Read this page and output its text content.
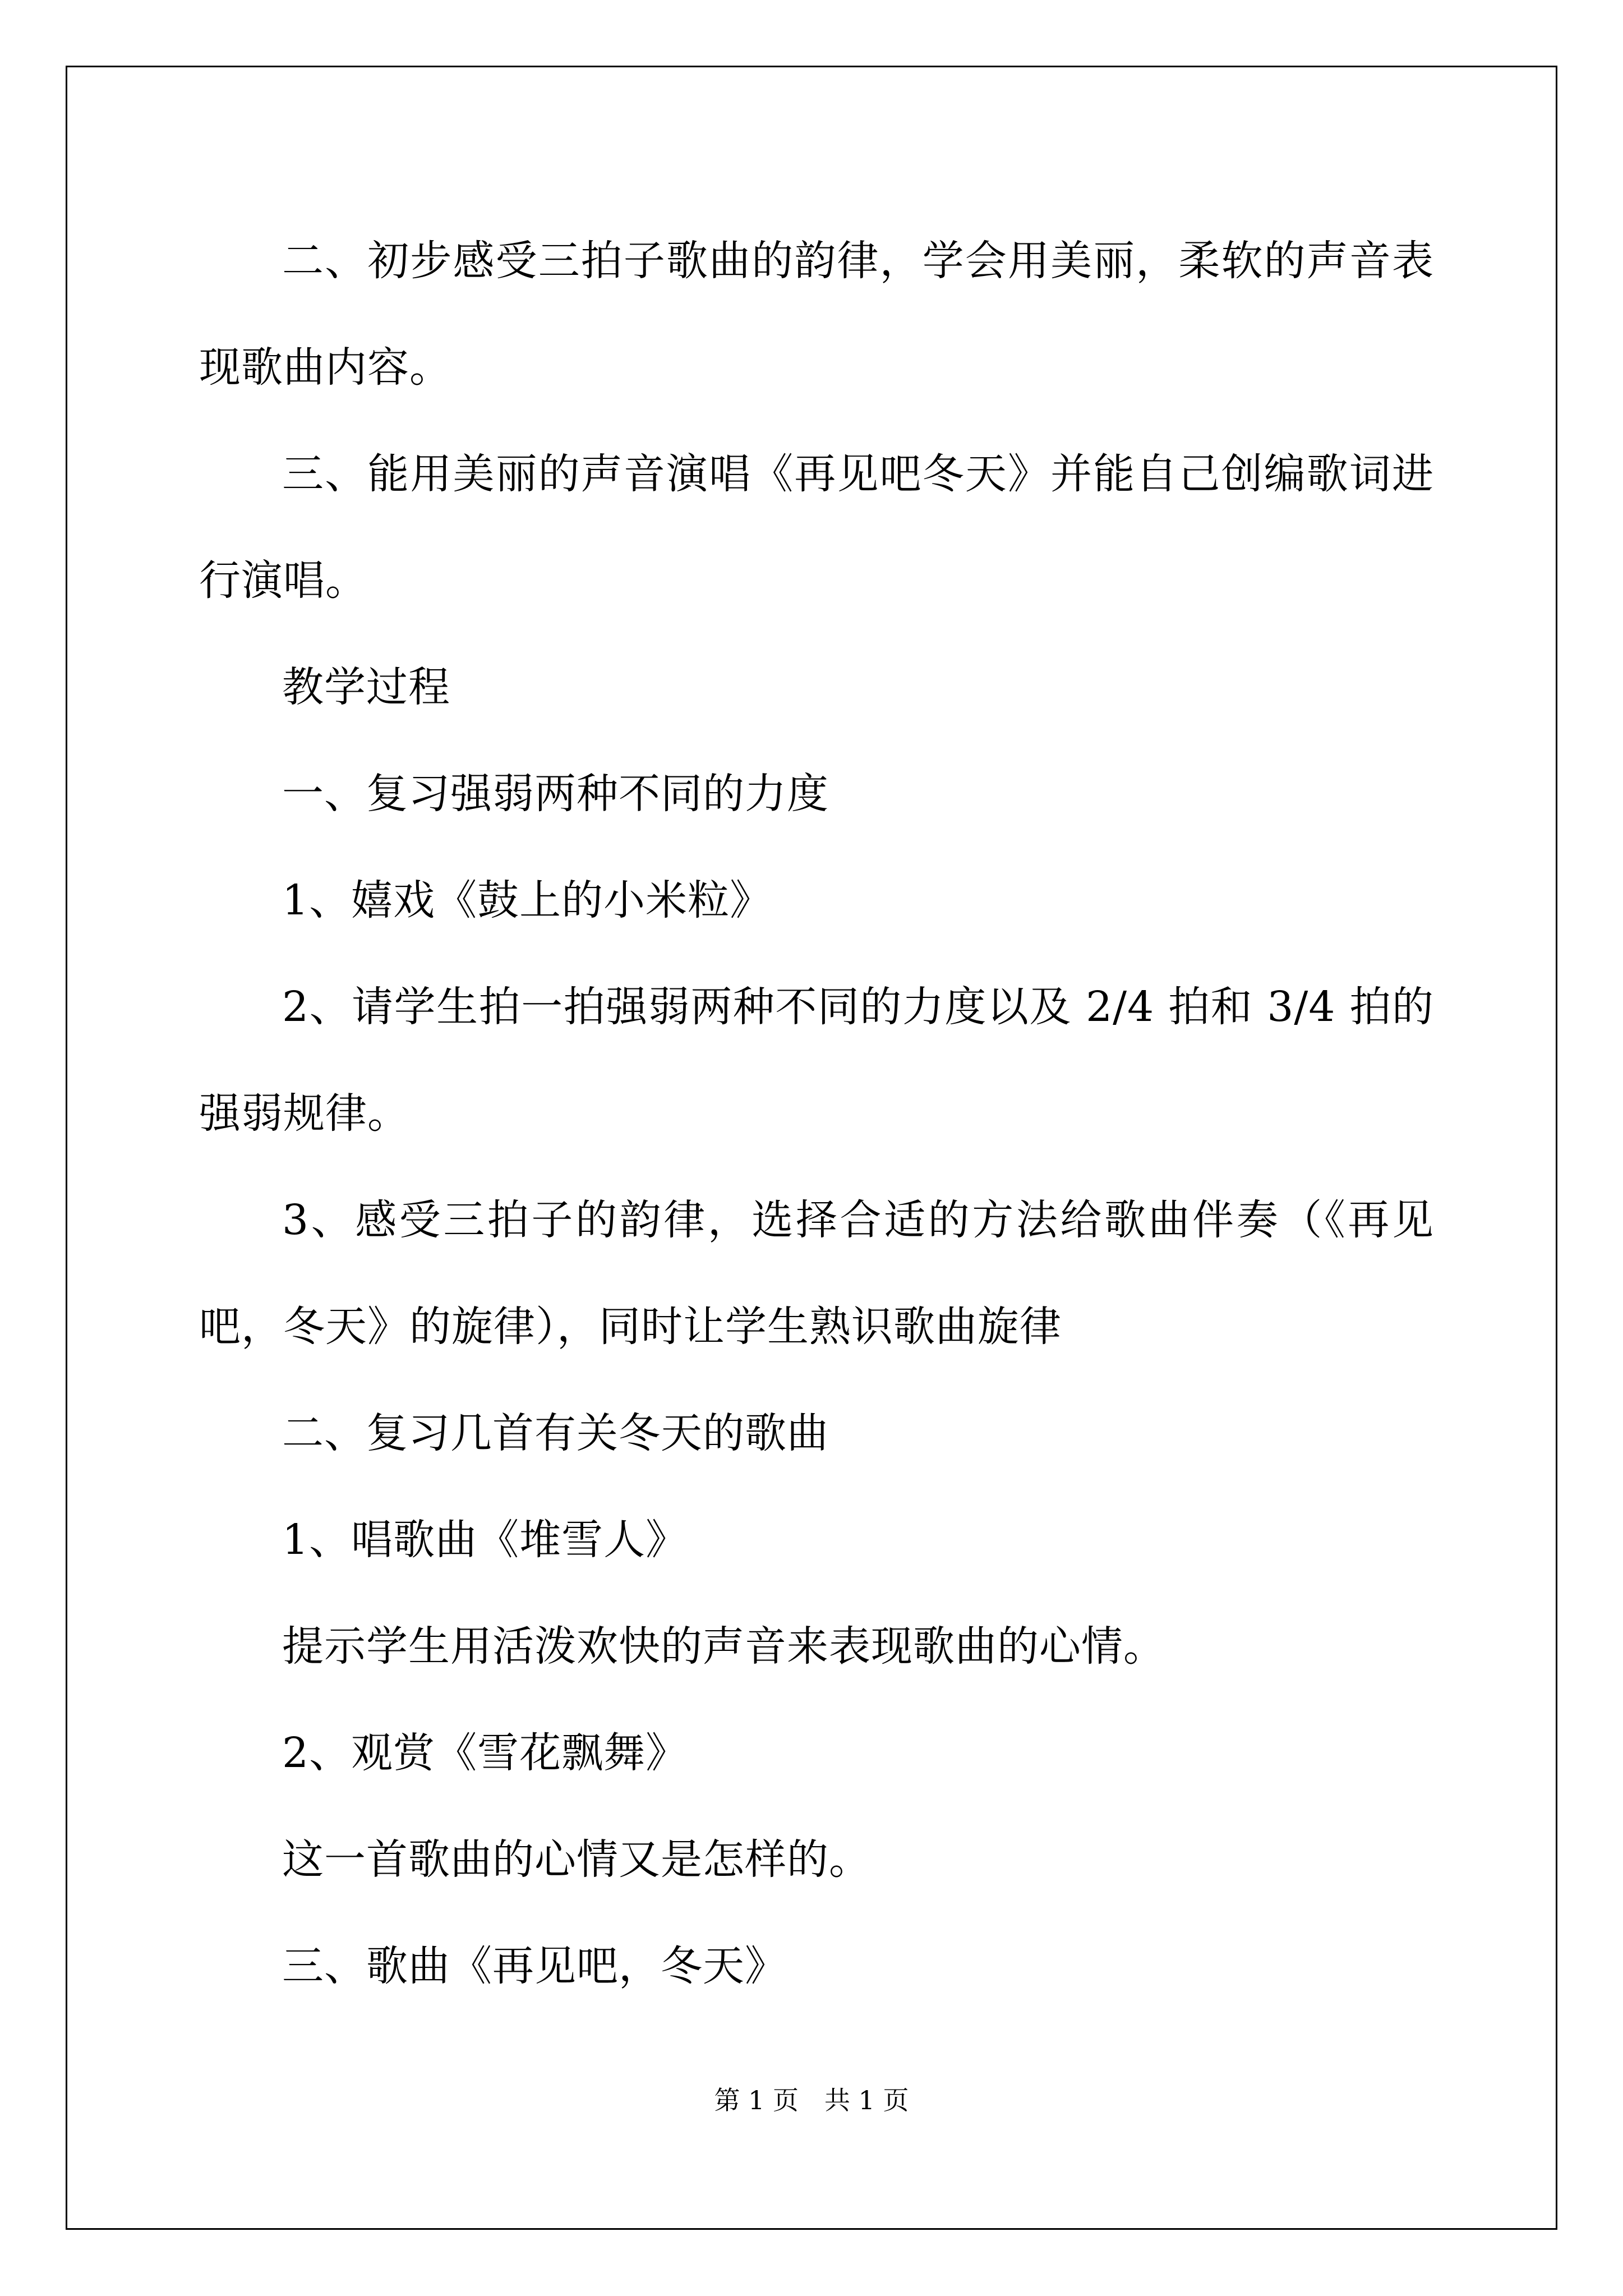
二、初步感受三拍子歌曲的韵律，学会用美丽，柔软的声音表现歌曲内容。

三、能用美丽的声音演唱《再见吧冬天》并能自己创编歌词进行演唱。

教学过程

一、复习强弱两种不同的力度

1、嬉戏《鼓上的小米粒》

2、请学生拍一拍强弱两种不同的力度以及 2/4 拍和 3/4 拍的强弱规律。

3、感受三拍子的韵律，选择合适的方法给歌曲伴奏（《再见吧，冬天》的旋律），同时让学生熟识歌曲旋律

二、复习几首有关冬天的歌曲

1、唱歌曲《堆雪人》

提示学生用活泼欢快的声音来表现歌曲的心情。

2、观赏《雪花飘舞》

这一首歌曲的心情又是怎样的。

三、歌曲《再见吧，冬天》

第 1 页 共 1 页
